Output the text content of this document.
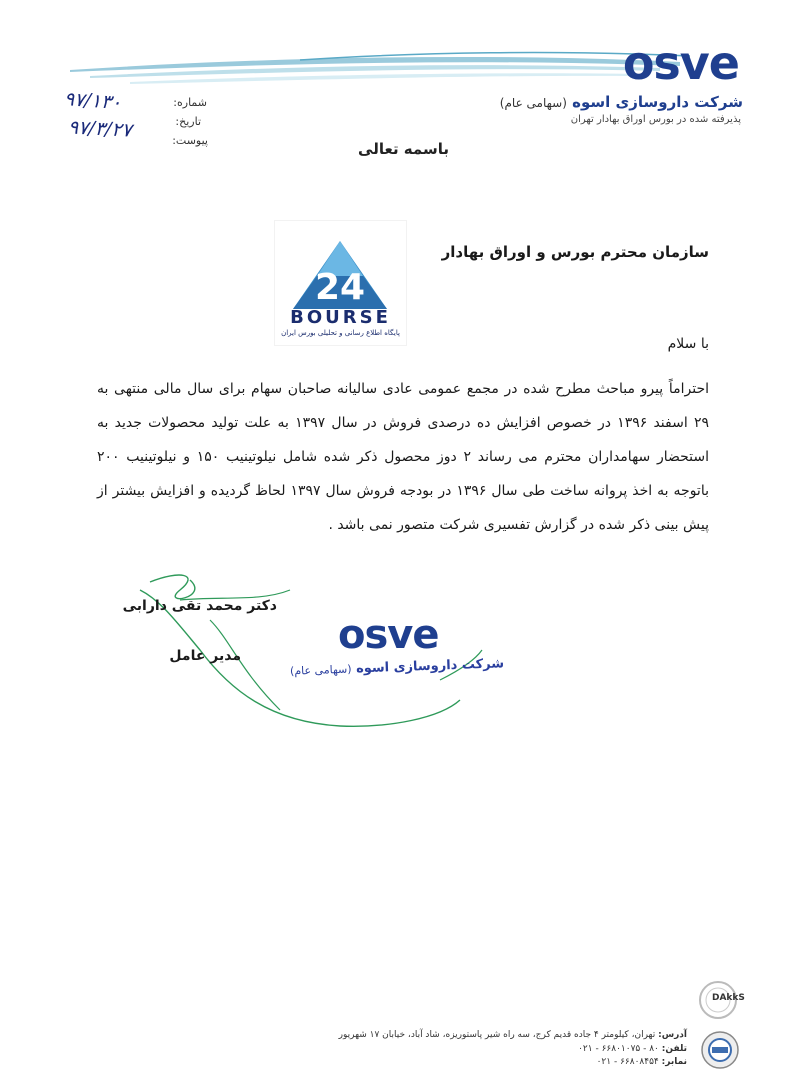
osve
شرکت داروسازی اسوه (سهامی عام)
پذیرفته شده در بورس اوراق بهادار تهران
شماره:
تاریخ:
پیوست:
۹۷/۱۳۰
۹۷/۳/۲۷
باسمه تعالی
24
BOURSE
پایگاه اطلاع رسانی و تحلیلی بورس ایران
سازمان محترم بورس و اوراق بهادار
با سلام
احتراماً پیرو مباحث مطرح شده در مجمع عمومی عادی سالیانه صاحبان سهام برای سال مالی منتهی به ۲۹ اسفند ۱۳۹۶ در خصوص افزایش ده درصدی فروش در سال ۱۳۹۷ به علت تولید محصولات جدید به استحضار سهامداران محترم می رساند ۲ دوز محصول ذکر شده شامل نیلوتینیب ۱۵۰ و نیلوتینیب ۲۰۰ باتوجه به اخذ پروانه ساخت طی سال ۱۳۹۶ در بودجه فروش سال ۱۳۹۷ لحاظ گردیده و افزایش بیشتر از پیش بینی ذکر شده در گزارش تفسیری شرکت متصور نمی باشد .
دکتر محمد تقی دارابی
مدیر عامل osve
شرکت داروسازی اسوه (سهامی عام)
DAkkS
آدرس: تهران، کیلومتر ۴ جاده قدیم کرج، سه راه شیر پاستوریزه، شاد آباد، خیابان ۱۷ شهریور
تلفن: ۸۰ - ۶۶۸۰۱۰۷۵ - ۰۲۱
نمابر: ۶۶۸۰۸۴۵۴ - ۰۲۱
